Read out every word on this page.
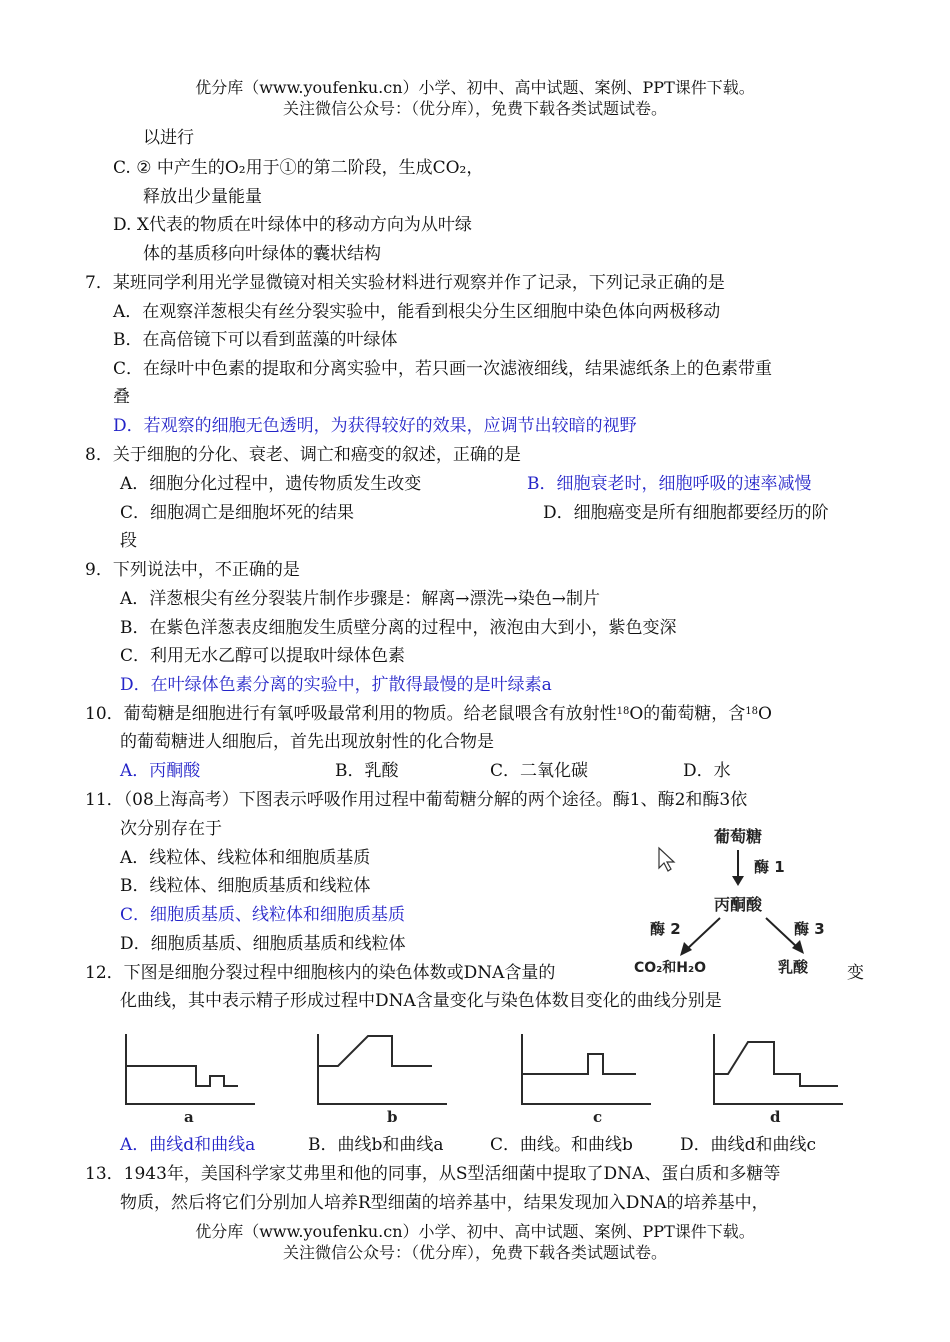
优分库（www.youfenku.cn）小学、初中、高中试题、案例、PPT课件下载。
关注微信公众号：（优分库），免费下载各类试题试卷。
以进行
C. ② 中产生的O₂用于①的第二阶段，生成CO₂，
释放出少量能量
D. X代表的物质在叶绿体中的移动方向为从叶绿
体的基质移向叶绿体的囊状结构
7．某班同学利用光学显微镜对相关实验材料进行观察并作了记录，下列记录正确的是
A．在观察洋葱根尖有丝分裂实验中，能看到根尖分生区细胞中染色体向两极移动
B．在高倍镜下可以看到蓝藻的叶绿体
C．在绿叶中色素的提取和分离实验中，若只画一次滤液细线，结果滤纸条上的色素带重
叠
D．若观察的细胞无色透明，为获得较好的效果，应调节出较暗的视野
8．关于细胞的分化、衰老、调亡和癌变的叙述，正确的是
A．细胞分化过程中，遗传物质发生改变	B．细胞衰老时，细胞呼吸的速率减慢
C．细胞凋亡是细胞坏死的结果	D．细胞癌变是所有细胞都要经历的阶
段
9．下列说法中，不正确的是
A．洋葱根尖有丝分裂装片制作步骤是：解离→漂洗→染色→制片
B．在紫色洋葱表皮细胞发生质壁分离的过程中，液泡由大到小，紫色变深
C．利用无水乙醇可以提取叶绿体色素
D．在叶绿体色素分离的实验中，扩散得最慢的是叶绿素a
10．葡萄糖是细胞进行有氧呼吸最常利用的物质。给老鼠喂含有放射性$^{18}$O的葡萄糖，含$^{18}$O
的葡萄糖进人细胞后，首先出现放射性的化合物是
A．丙酮酸	B．乳酸	C．二氧化碳	D．水
11．（08上海高考）下图表示呼吸作用过程中葡萄糖分解的两个途径。酶1、酶2和酶3依
次分别存在于
A．线粒体、线粒体和细胞质基质
B．线粒体、细胞质基质和线粒体
C．细胞质基质、线粒体和细胞质基质
D．细胞质基质、细胞质基质和线粒体
葡萄糖
酶 1
丙酮酸
酶 2	酶 3
CO₂和H₂O	乳酸
12．下图是细胞分裂过程中细胞核内的染色体数或DNA含量的	变
化曲线，其中表示精子形成过程中DNA含量变化与染色体数目变化的曲线分别是
a	b	c	d
A．曲线d和曲线a	B．曲线b和曲线a	C．曲线。和曲线b	D．曲线d和曲线c
13．1943年，美国科学家艾弗里和他的同事，从S型活细菌中提取了DNA、蛋白质和多糖等
物质，然后将它们分别加人培养R型细菌的培养基中，结果发现加入DNA的培养基中，
优分库（www.youfenku.cn）小学、初中、高中试题、案例、PPT课件下载。
关注微信公众号：（优分库），免费下载各类试题试卷。
